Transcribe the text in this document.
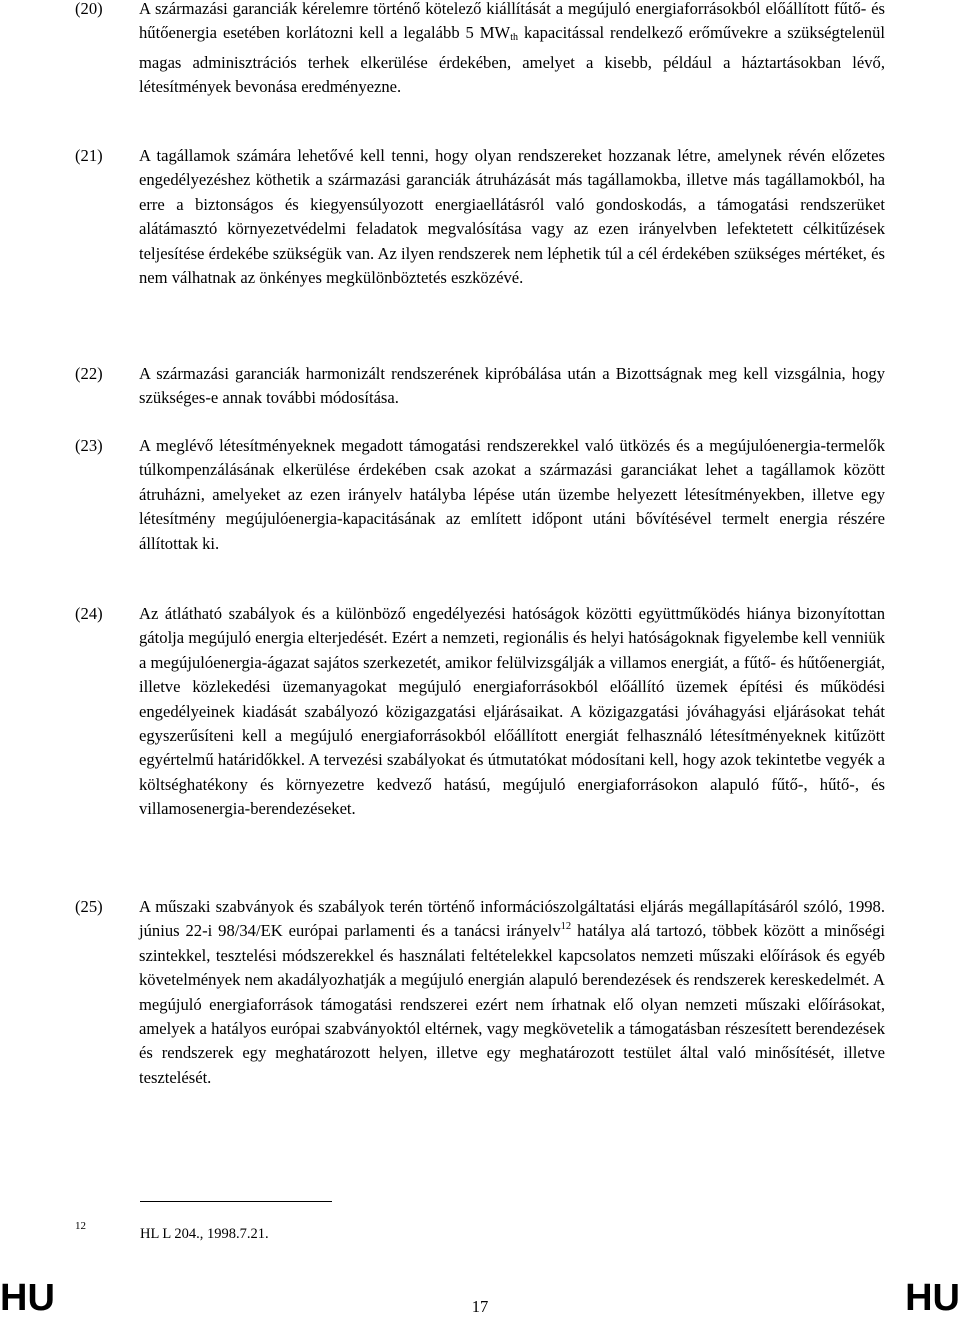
(20)	A származási garanciák kérelemre történő kötelező kiállítását a megújuló energiaforrásokból előállított fűtő- és hűtőenergia esetében korlátozni kell a legalább 5 $MW_{th}$ kapacitással rendelkező erőművekre a szükségtelenül magas adminisztrációs terhek elkerülése érdekében, amelyet a kisebb, például a háztartásokban lévő, létesítmények bevonása eredményezne.
(21)	A tagállamok számára lehetővé kell tenni, hogy olyan rendszereket hozzanak létre, amelynek révén előzetes engedélyezéshez köthetik a származási garanciák átruházását más tagállamokba, illetve más tagállamokból, ha erre a biztonságos és kiegyensúlyozott energiaellátásról való gondoskodás, a támogatási rendszerüket alátámasztó környezetvédelmi feladatok megvalósítása vagy az ezen irányelvben lefektetett célkitűzések teljesítése érdekébe szükségük van. Az ilyen rendszerek nem léphetik túl a cél érdekében szükséges mértéket, és nem válhatnak az önkényes megkülönböztetés eszközévé.
(22)	A származási garanciák harmonizált rendszerének kipróbálása után a Bizottságnak meg kell vizsgálnia, hogy szükséges-e annak további módosítása.
(23)	A meglévő létesítményeknek megadott támogatási rendszerekkel való ütközés és a megújulóenergia-termelők túlkompenzálásának elkerülése érdekében csak azokat a származási garanciákat lehet a tagállamok között átruházni, amelyeket az ezen irányelv hatályba lépése után üzembe helyezett létesítményekben, illetve egy létesítmény megújulóenergia-kapacitásának az említett időpont utáni bővítésével termelt energia részére állítottak ki.
(24)	Az átlátható szabályok és a különböző engedélyezési hatóságok közötti együttműködés hiánya bizonyítottan gátolja megújuló energia elterjedését. Ezért a nemzeti, regionális és helyi hatóságoknak figyelembe kell venniük a megújulóenergia-ágazat sajátos szerkezetét, amikor felülvizsgálják a villamos energiát, a fűtő- és hűtőenergiát, illetve közlekedési üzemanyagokat megújuló energiaforrásokból előállító üzemek építési és működési engedélyeinek kiadását szabályozó közigazgatási eljárásaikat. A közigazgatási jóváhagyási eljárásokat tehát egyszerűsíteni kell a megújuló energiaforrásokból előállított energiát felhasználó létesítményeknek kitűzött egyértelmű határidőkkel. A tervezési szabályokat és útmutatókat módosítani kell, hogy azok tekintetbe vegyék a költséghatékony és környezetre kedvező hatású, megújuló energiaforrásokon alapuló fűtő-, hűtő-, és villamosenergia-berendezéseket.
(25)	A műszaki szabványok és szabályok terén történő információszolgáltatási eljárás megállapításáról szóló, 1998. június 22-i 98/34/EK európai parlamenti és a tanácsi irányelv$^{12}$ hatálya alá tartozó, többek között a minőségi szintekkel, tesztelési módszerekkel és használati feltételekkel kapcsolatos nemzeti műszaki előírások és egyéb követelmények nem akadályozhatják a megújuló energián alapuló berendezések és rendszerek kereskedelmét. A megújuló energiaforrások támogatási rendszerei ezért nem írhatnak elő olyan nemzeti műszaki előírásokat, amelyek a hatályos európai szabványoktól eltérnek, vagy megkövetelik a támogatásban részesített berendezések és rendszerek egy meghatározott helyen, illetve egy meghatározott testület által való minősítését, illetve tesztelését.
12	HL L 204., 1998.7.21.
HU	17	HU
